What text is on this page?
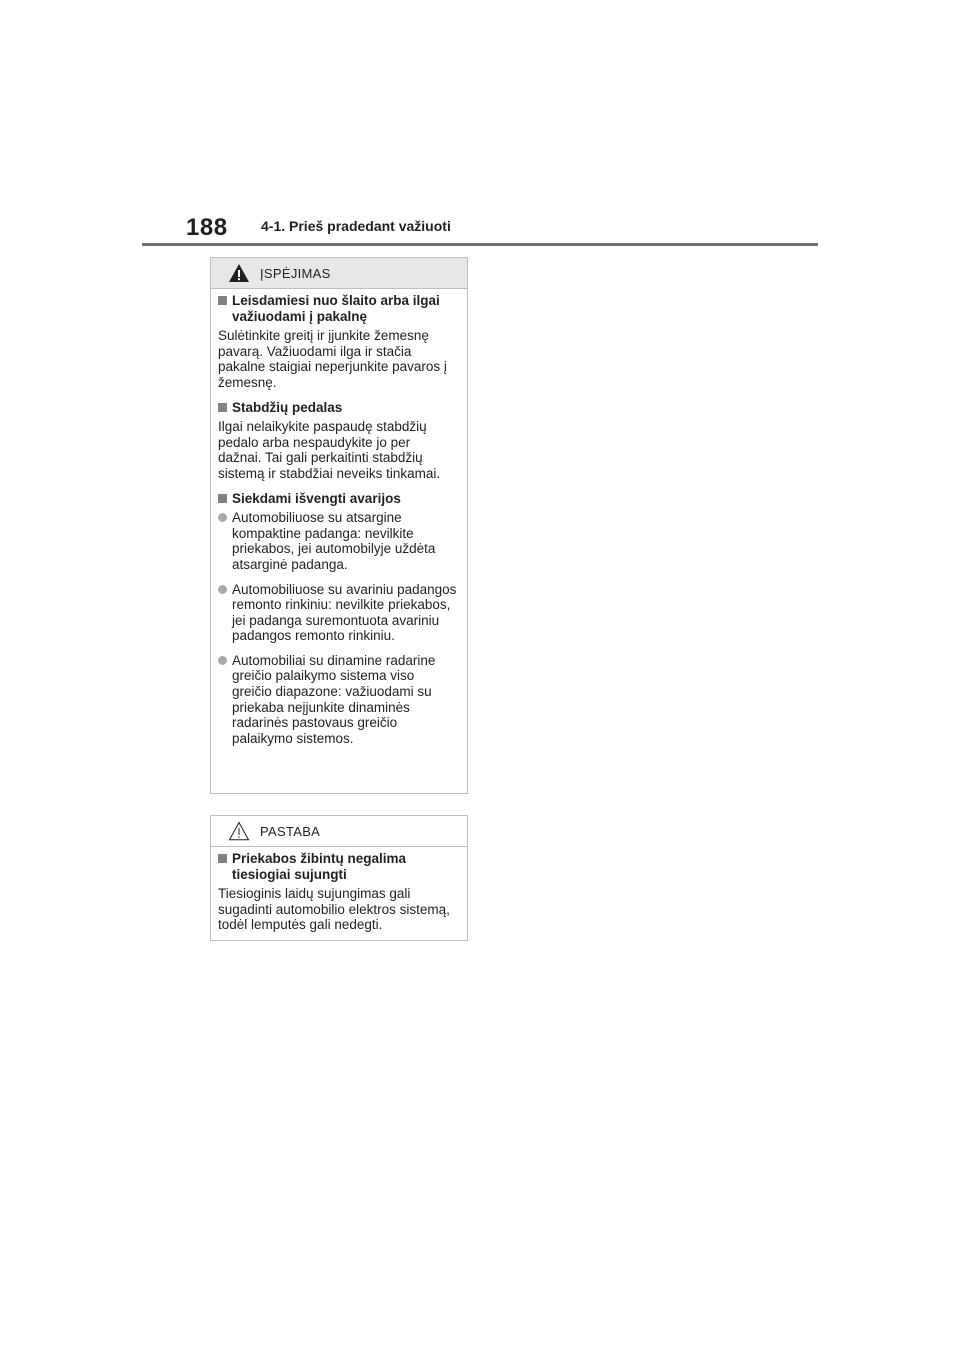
188 4-1. Prieš pradedant važiuoti
ĮSPĖJIMAS
Leisdamiesi nuo šlaito arba ilgai važiuodami į pakalnę

Sulėtinkite greitį ir įjunkite žemesnę pavarą. Važiuodami ilga ir stačia pakalne staigiai neperjunkite pavaros į žemesnę.

Stabdžių pedalas

Ilgai nelaikykite paspaudę stabdžių pedalo arba nespaudykite jo per dažnai. Tai gali perkaitinti stabdžių sistemą ir stabdžiai neveiks tinkamai.

Siekdami išvengti avarijos
Automobiliuose su atsargine kompaktine padanga: nevilkite priekabos, jei automobilyje uždėta atsarginė padanga.
Automobiliuose su avariniu padangos remonto rinkiniu: nevilkite priekabos, jei padanga suremontuota avariniu padangos remonto rinkiniu.
Automobiliai su dinamine radarine greičio palaikymo sistema viso greičio diapazone: važiuodami su priekaba neįjunkite dinaminės radarinės pastovaus greičio palaikymo sistemos.
PASTABA
Priekabos žibintų negalima tiesiogiai sujungti

Tiesioginis laidų sujungimas gali sugadinti automobilio elektros sistemą, todėl lemputės gali nedegti.
